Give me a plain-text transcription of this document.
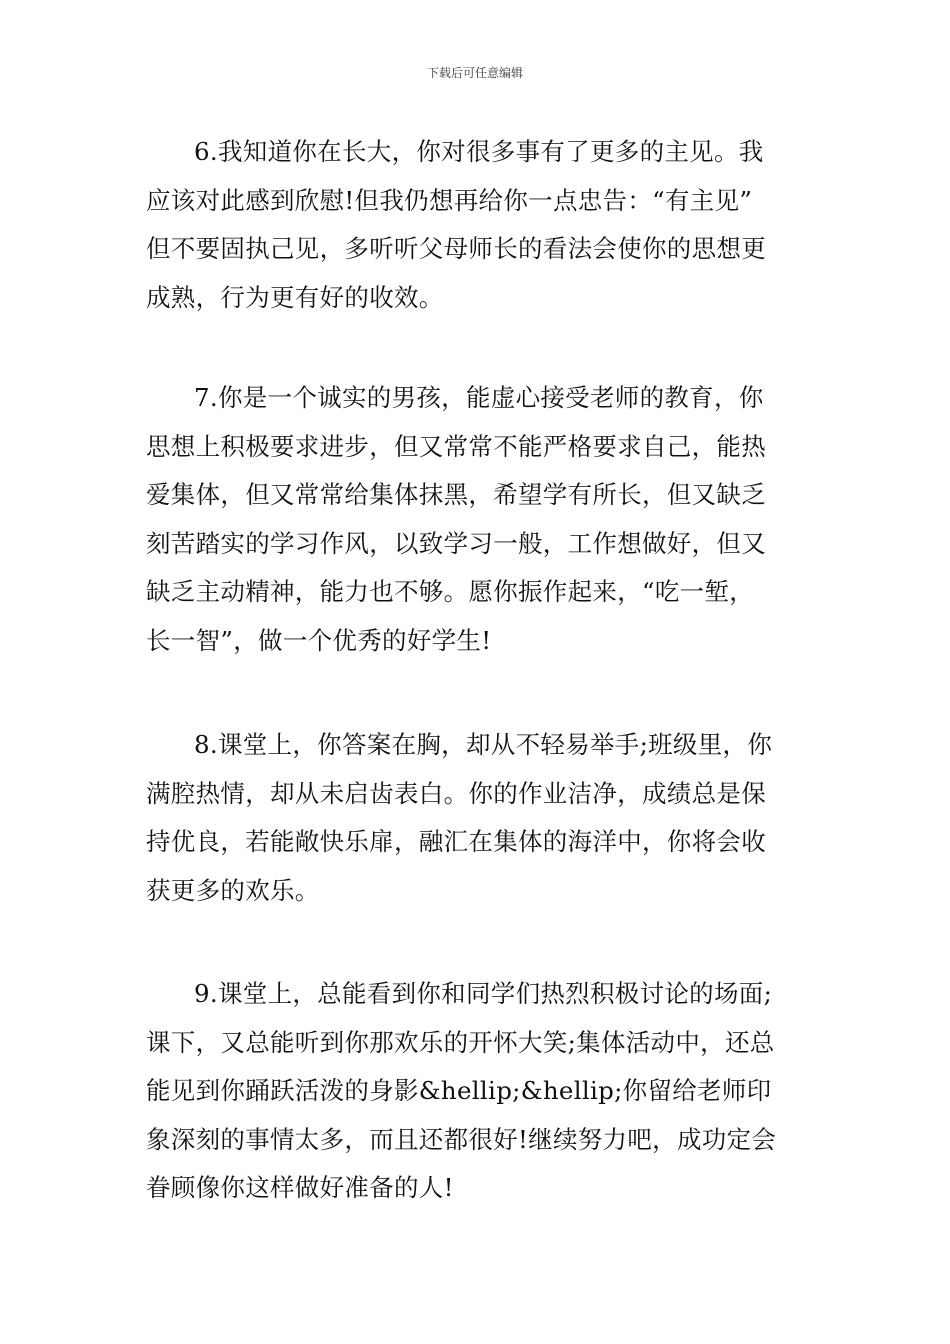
下载后可任意编辑
6.我知道你在长大，你对很多事有了更多的主见。我
应该对此感到欣慰!但我仍想再给你一点忠告：“有主见”
但不要固执己见，多听听父母师长的看法会使你的思想更
成熟，行为更有好的收效。
7.你是一个诚实的男孩，能虚心接受老师的教育，你
思想上积极要求进步，但又常常不能严格要求自己，能热
爱集体，但又常常给集体抹黑，希望学有所长，但又缺乏
刻苦踏实的学习作风，以致学习一般，工作想做好，但又
缺乏主动精神，能力也不够。愿你振作起来，“吃一堑，
长一智”，做一个优秀的好学生!
8.课堂上，你答案在胸，却从不轻易举手;班级里，你
满腔热情，却从未启齿表白。你的作业洁净，成绩总是保
持优良，若能敞快乐扉，融汇在集体的海洋中，你将会收
获更多的欢乐。
9.课堂上，总能看到你和同学们热烈积极讨论的场面;
课下，又总能听到你那欢乐的开怀大笑;集体活动中，还总
能见到你踊跃活泼的身影&hellip;&hellip;你留给老师印
象深刻的事情太多，而且还都很好!继续努力吧，成功定会
眷顾像你这样做好准备的人!
